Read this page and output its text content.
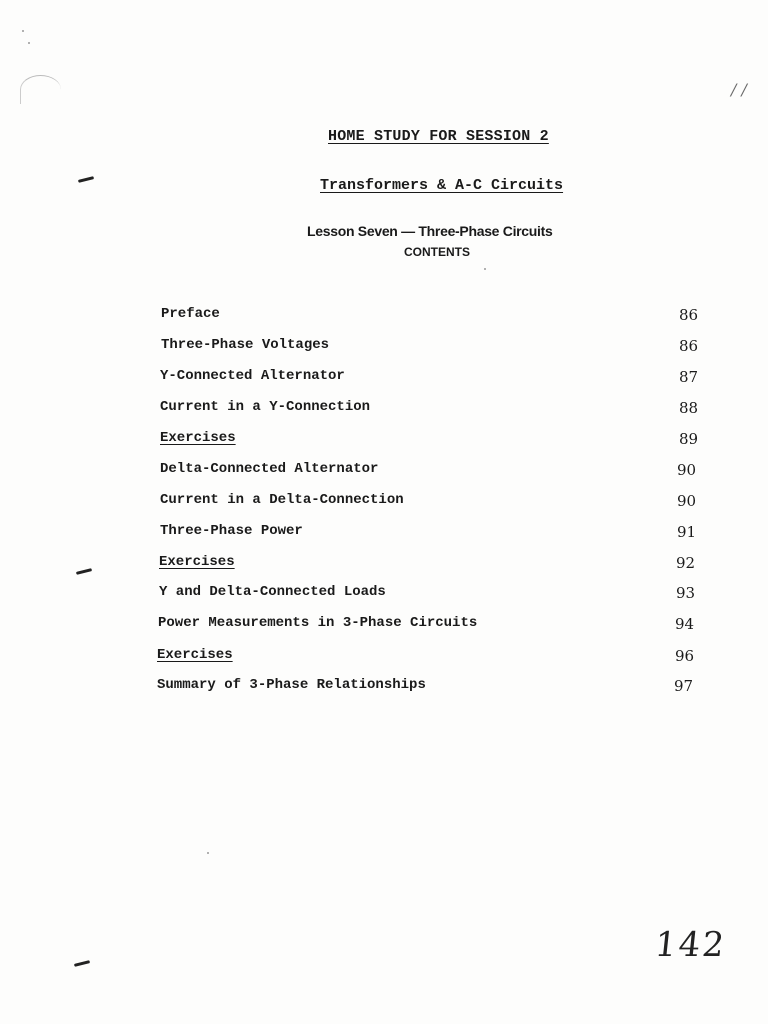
/ /
HOME STUDY FOR SESSION 2
Transformers & A-C Circuits
Lesson Seven — Three-Phase Circuits
CONTENTS
Preface	86
Three-Phase Voltages	86
Y-Connected Alternator	87
Current in a Y-Connection	88
Exercises	89
Delta-Connected Alternator	90
Current in a Delta-Connection	90
Three-Phase Power	91
Exercises	92
Y and Delta-Connected Loads	93
Power Measurements in 3-Phase Circuits	94
Exercises	96
Summary of 3-Phase Relationships	97
142
